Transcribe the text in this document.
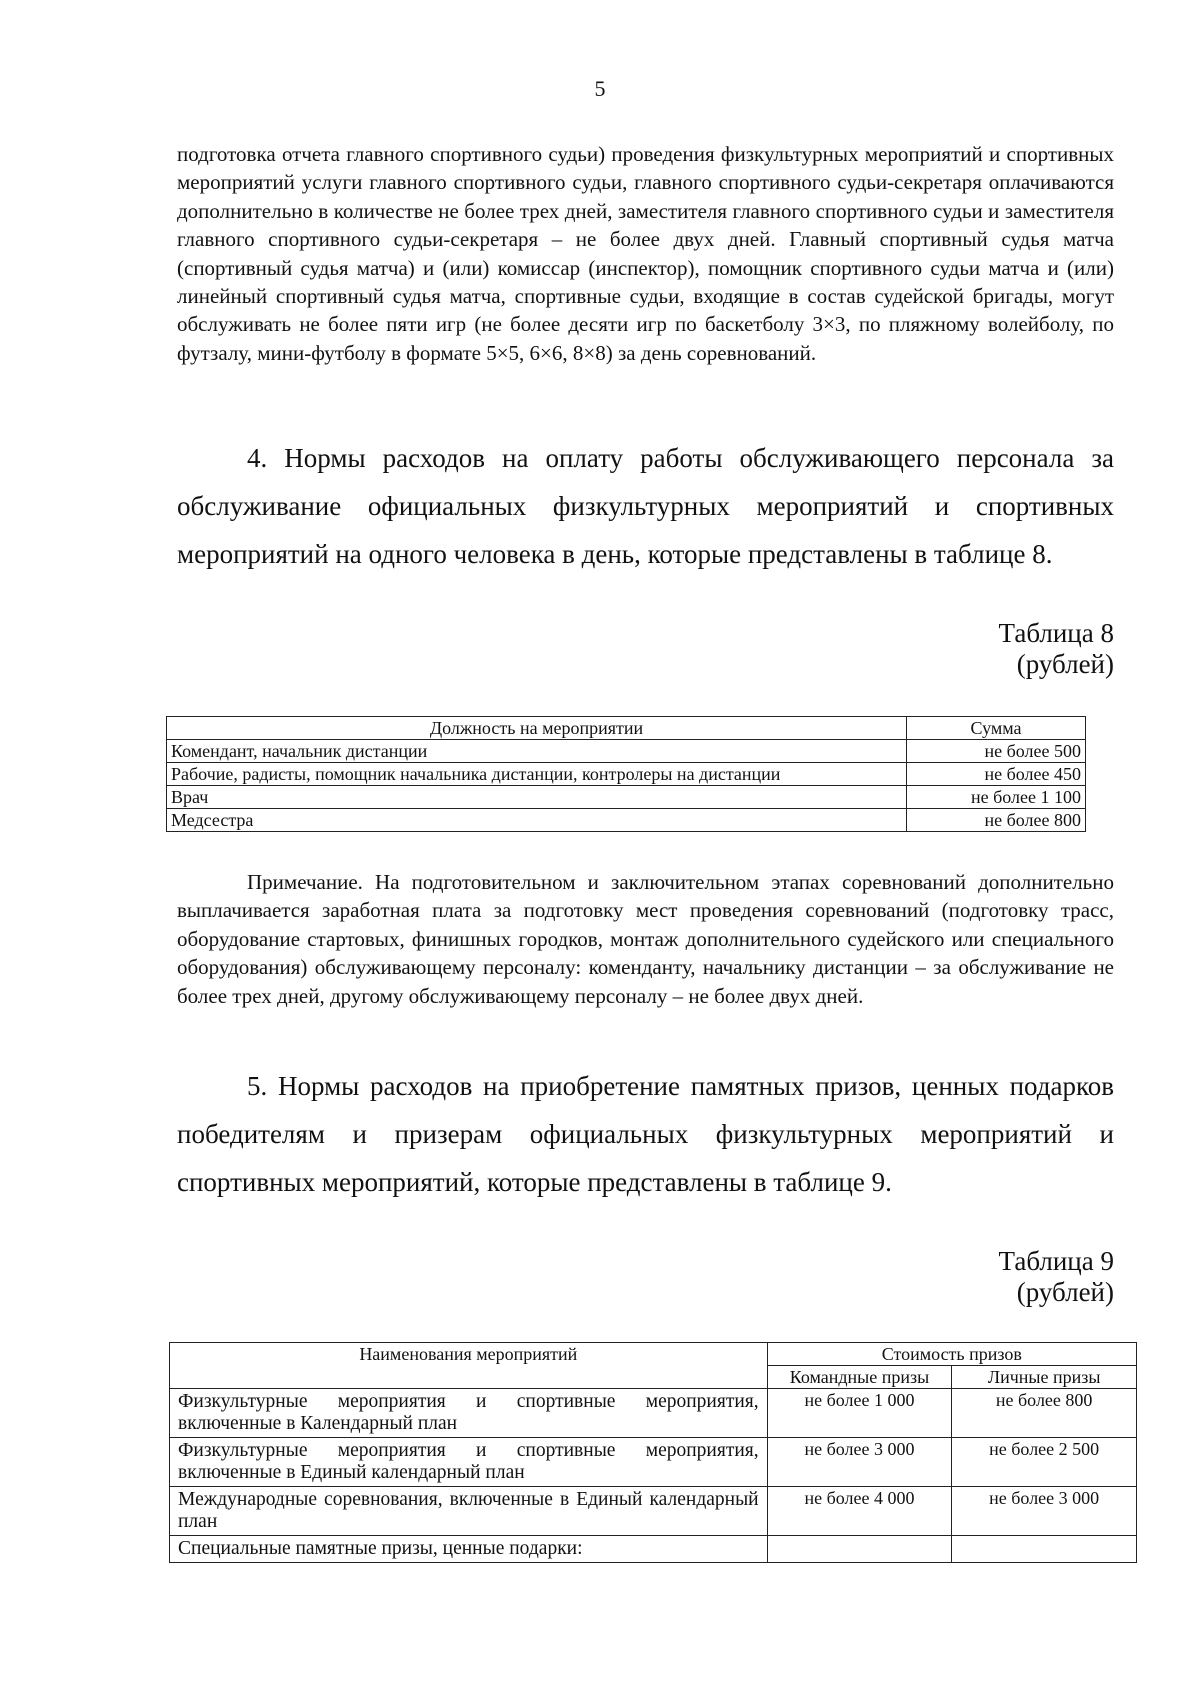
5

подготовка отчета главного спортивного судьи) проведения физкультурных мероприятий и спортивных мероприятий услуги главного спортивного судьи, главного спортивного судьи-секретаря оплачиваются дополнительно в количестве не более трех дней, заместителя главного спортивного судьи и заместителя главного спортивного судьи-секретаря – не более двух дней. Главный спортивный судья матча (спортивный судья матча) и (или) комиссар (инспектор), помощник спортивного судьи матча и (или) линейный спортивный судья матча, спортивные судьи, входящие в состав судейской бригады, могут обслуживать не более пяти игр (не более десяти игр по баскетболу 3×3, по пляжному волейболу, по футзалу, мини-футболу в формате 5×5, 6×6, 8×8) за день соревнований.

4. Нормы расходов на оплату работы обслуживающего персонала за обслуживание официальных физкультурных мероприятий и спортивных мероприятий на одного человека в день, которые представлены в таблице 8.

Таблица 8
(рублей)
Должность на мероприятии	Сумма
Комендант, начальник дистанции	не более 500
Рабочие, радисты, помощник начальника дистанции, контролеры на дистанции	не более 450
Врач	не более 1 100
Медсестра	не более 800

Примечание. На подготовительном и заключительном этапах соревнований дополнительно выплачивается заработная плата за подготовку мест проведения соревнований (подготовку трасс, оборудование стартовых, финишных городков, монтаж дополнительного судейского или специального оборудования) обслуживающему персоналу: коменданту, начальнику дистанции – за обслуживание не более трех дней, другому обслуживающему персоналу – не более двух дней.

5. Нормы расходов на приобретение памятных призов, ценных подарков победителям и призерам официальных физкультурных мероприятий и спортивных мероприятий, которые представлены в таблице 9.

Таблица 9
(рублей)
Наименования мероприятий	Стоимость призов	
	Командные призы	Личные призы
Физкультурные мероприятия и спортивные мероприятия, включенные в Календарный план	не более 1 000	не более 800
Физкультурные мероприятия и спортивные мероприятия, включенные в Единый календарный план	не более 3 000	не более 2 500
Международные соревнования, включенные в Единый календарный план	не более 4 000	не более 3 000
Специальные памятные призы, ценные подарки:		
